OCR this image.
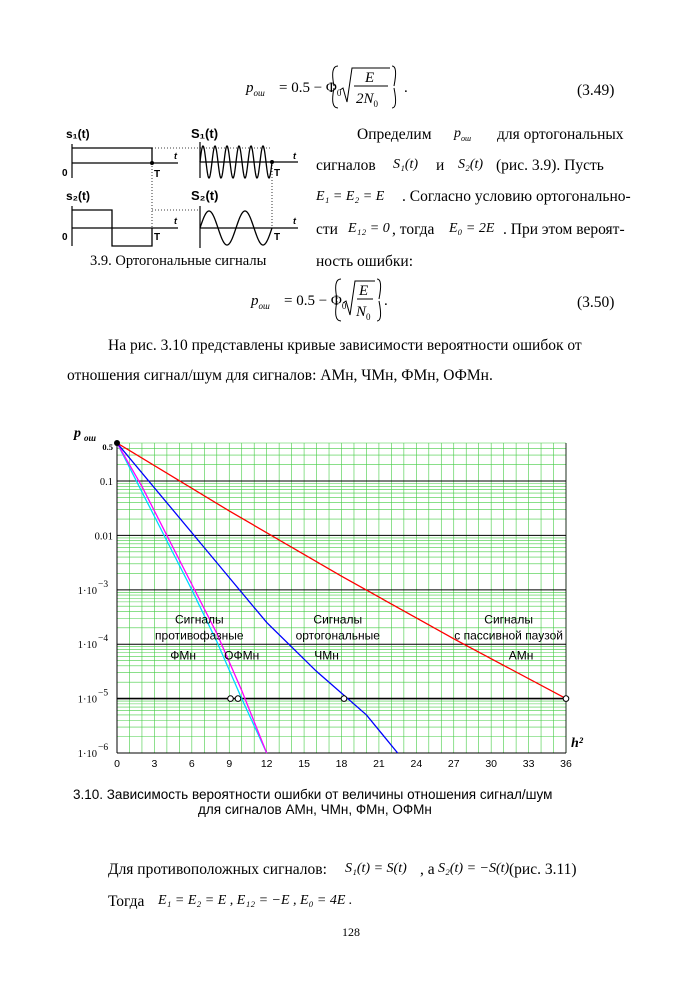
$p_{ош} = 0.5 - \Phi_0$
E
$2N_0$
.	(3.49)
s₁(t)
0	T
t
S₁(t)
T
t
s₂(t)
0	T
t
S₂(t)
T
t
3.9. Ортогональные сигналы
Определим $p_{ош}$ для ортогональных
сигналов S₁(t) и S₂(t) (рис. 3.9). Пусть
E₁ = E₂ = E . Согласно условию ортогонально-
сти E₁₂ = 0 , тогда E₀ = 2E . При этом вероят-
ность ошибки:
$p_{ош} = 0.5 - \Phi_0$
E
$N_0$
.	(3.50)
На рис. 3.10 представлены кривые зависимости вероятности ошибок от
отношения сигнал/шум для сигналов: АМн, ЧМн, ФМн, ОФМн.
0.5
0.1
0.01
1·10
−3
1·10
−4
1·10
−5
1·10
−6
0	3	6	9	12 15 18 21 24 27 30 33 36
Сигналы
противофазные
ФМн ОФМн
Сигналы
ортогональные
ЧМн
Сигналы
с пассивной паузой
АМн
p ош
h²
3.10. Зависимость вероятности ошибки от величины отношения сигнал/шум
для сигналов АМн, ЧМн, ФМн, ОФМн
Для противоположных сигналов: S₁(t) = S(t) , а S₂(t) = −S(t) (рис. 3.11)
Тогда E₁ = E₂ = E , E₁₂ = −E , E₀ = 4E .
128
